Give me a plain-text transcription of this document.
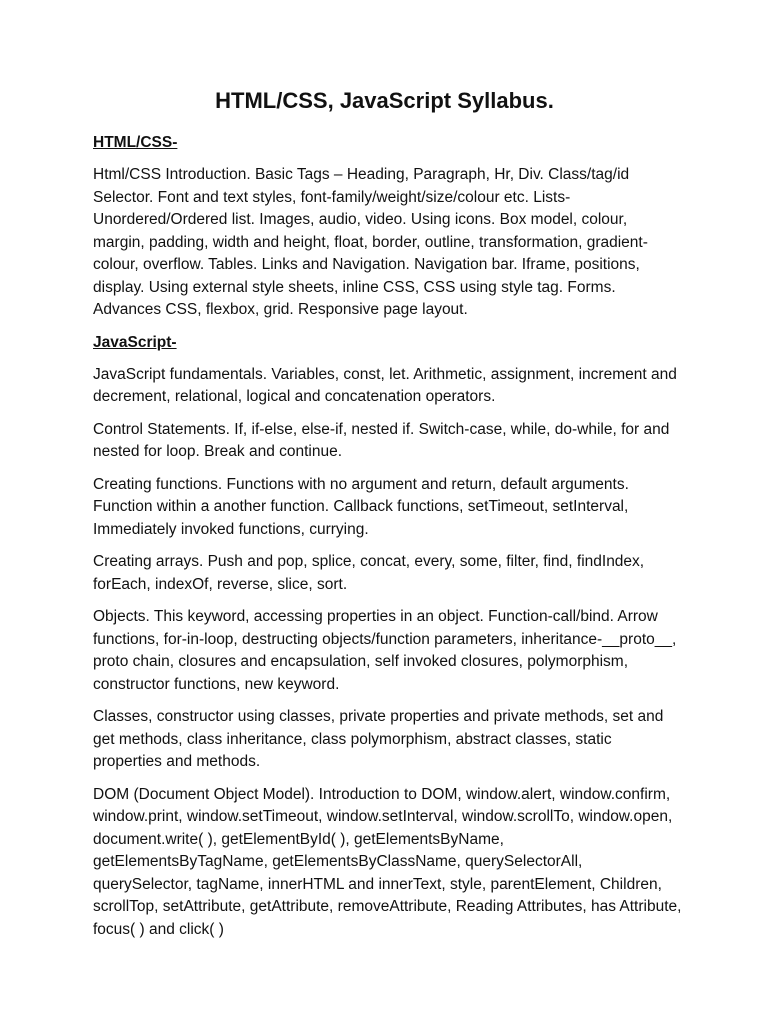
HTML/CSS, JavaScript Syllabus.
HTML/CSS-

Html/CSS Introduction. Basic Tags – Heading, Paragraph, Hr, Div. Class/tag/id Selector. Font and text styles, font-family/weight/size/colour etc. Lists-Unordered/Ordered list. Images, audio, video. Using icons. Box model, colour, margin, padding, width and height, float, border, outline, transformation, gradient-colour, overflow. Tables. Links and Navigation. Navigation bar. Iframe, positions, display. Using external style sheets, inline CSS, CSS using style tag. Forms. Advances CSS, flexbox, grid. Responsive page layout.

JavaScript-

JavaScript fundamentals. Variables, const, let. Arithmetic, assignment, increment and decrement, relational, logical and concatenation operators.

Control Statements. If, if-else, else-if, nested if. Switch-case, while, do-while, for and nested for loop. Break and continue.

Creating functions. Functions with no argument and return, default arguments. Function within a another function. Callback functions, setTimeout, setInterval, Immediately invoked functions, currying.

Creating arrays. Push and pop, splice, concat, every, some, filter, find, findIndex, forEach, indexOf, reverse, slice, sort.

Objects. This keyword, accessing properties in an object. Function-call/bind. Arrow functions, for-in-loop, destructing objects/function parameters, inheritance-__proto__, proto chain, closures and encapsulation, self invoked closures, polymorphism, constructor functions, new keyword.

Classes, constructor using classes, private properties and private methods, set and get methods, class inheritance, class polymorphism, abstract classes, static properties and methods.

DOM (Document Object Model). Introduction to DOM, window.alert, window.confirm, window.print, window.setTimeout, window.setInterval, window.scrollTo, window.open, document.write( ), getElementById( ), getElementsByName, getElementsByTagName, getElementsByClassName, querySelectorAll, querySelector, tagName, innerHTML and innerText, style, parentElement, Children, scrollTop, setAttribute, getAttribute, removeAttribute, Reading Attributes, has Attribute, focus( ) and click( )
